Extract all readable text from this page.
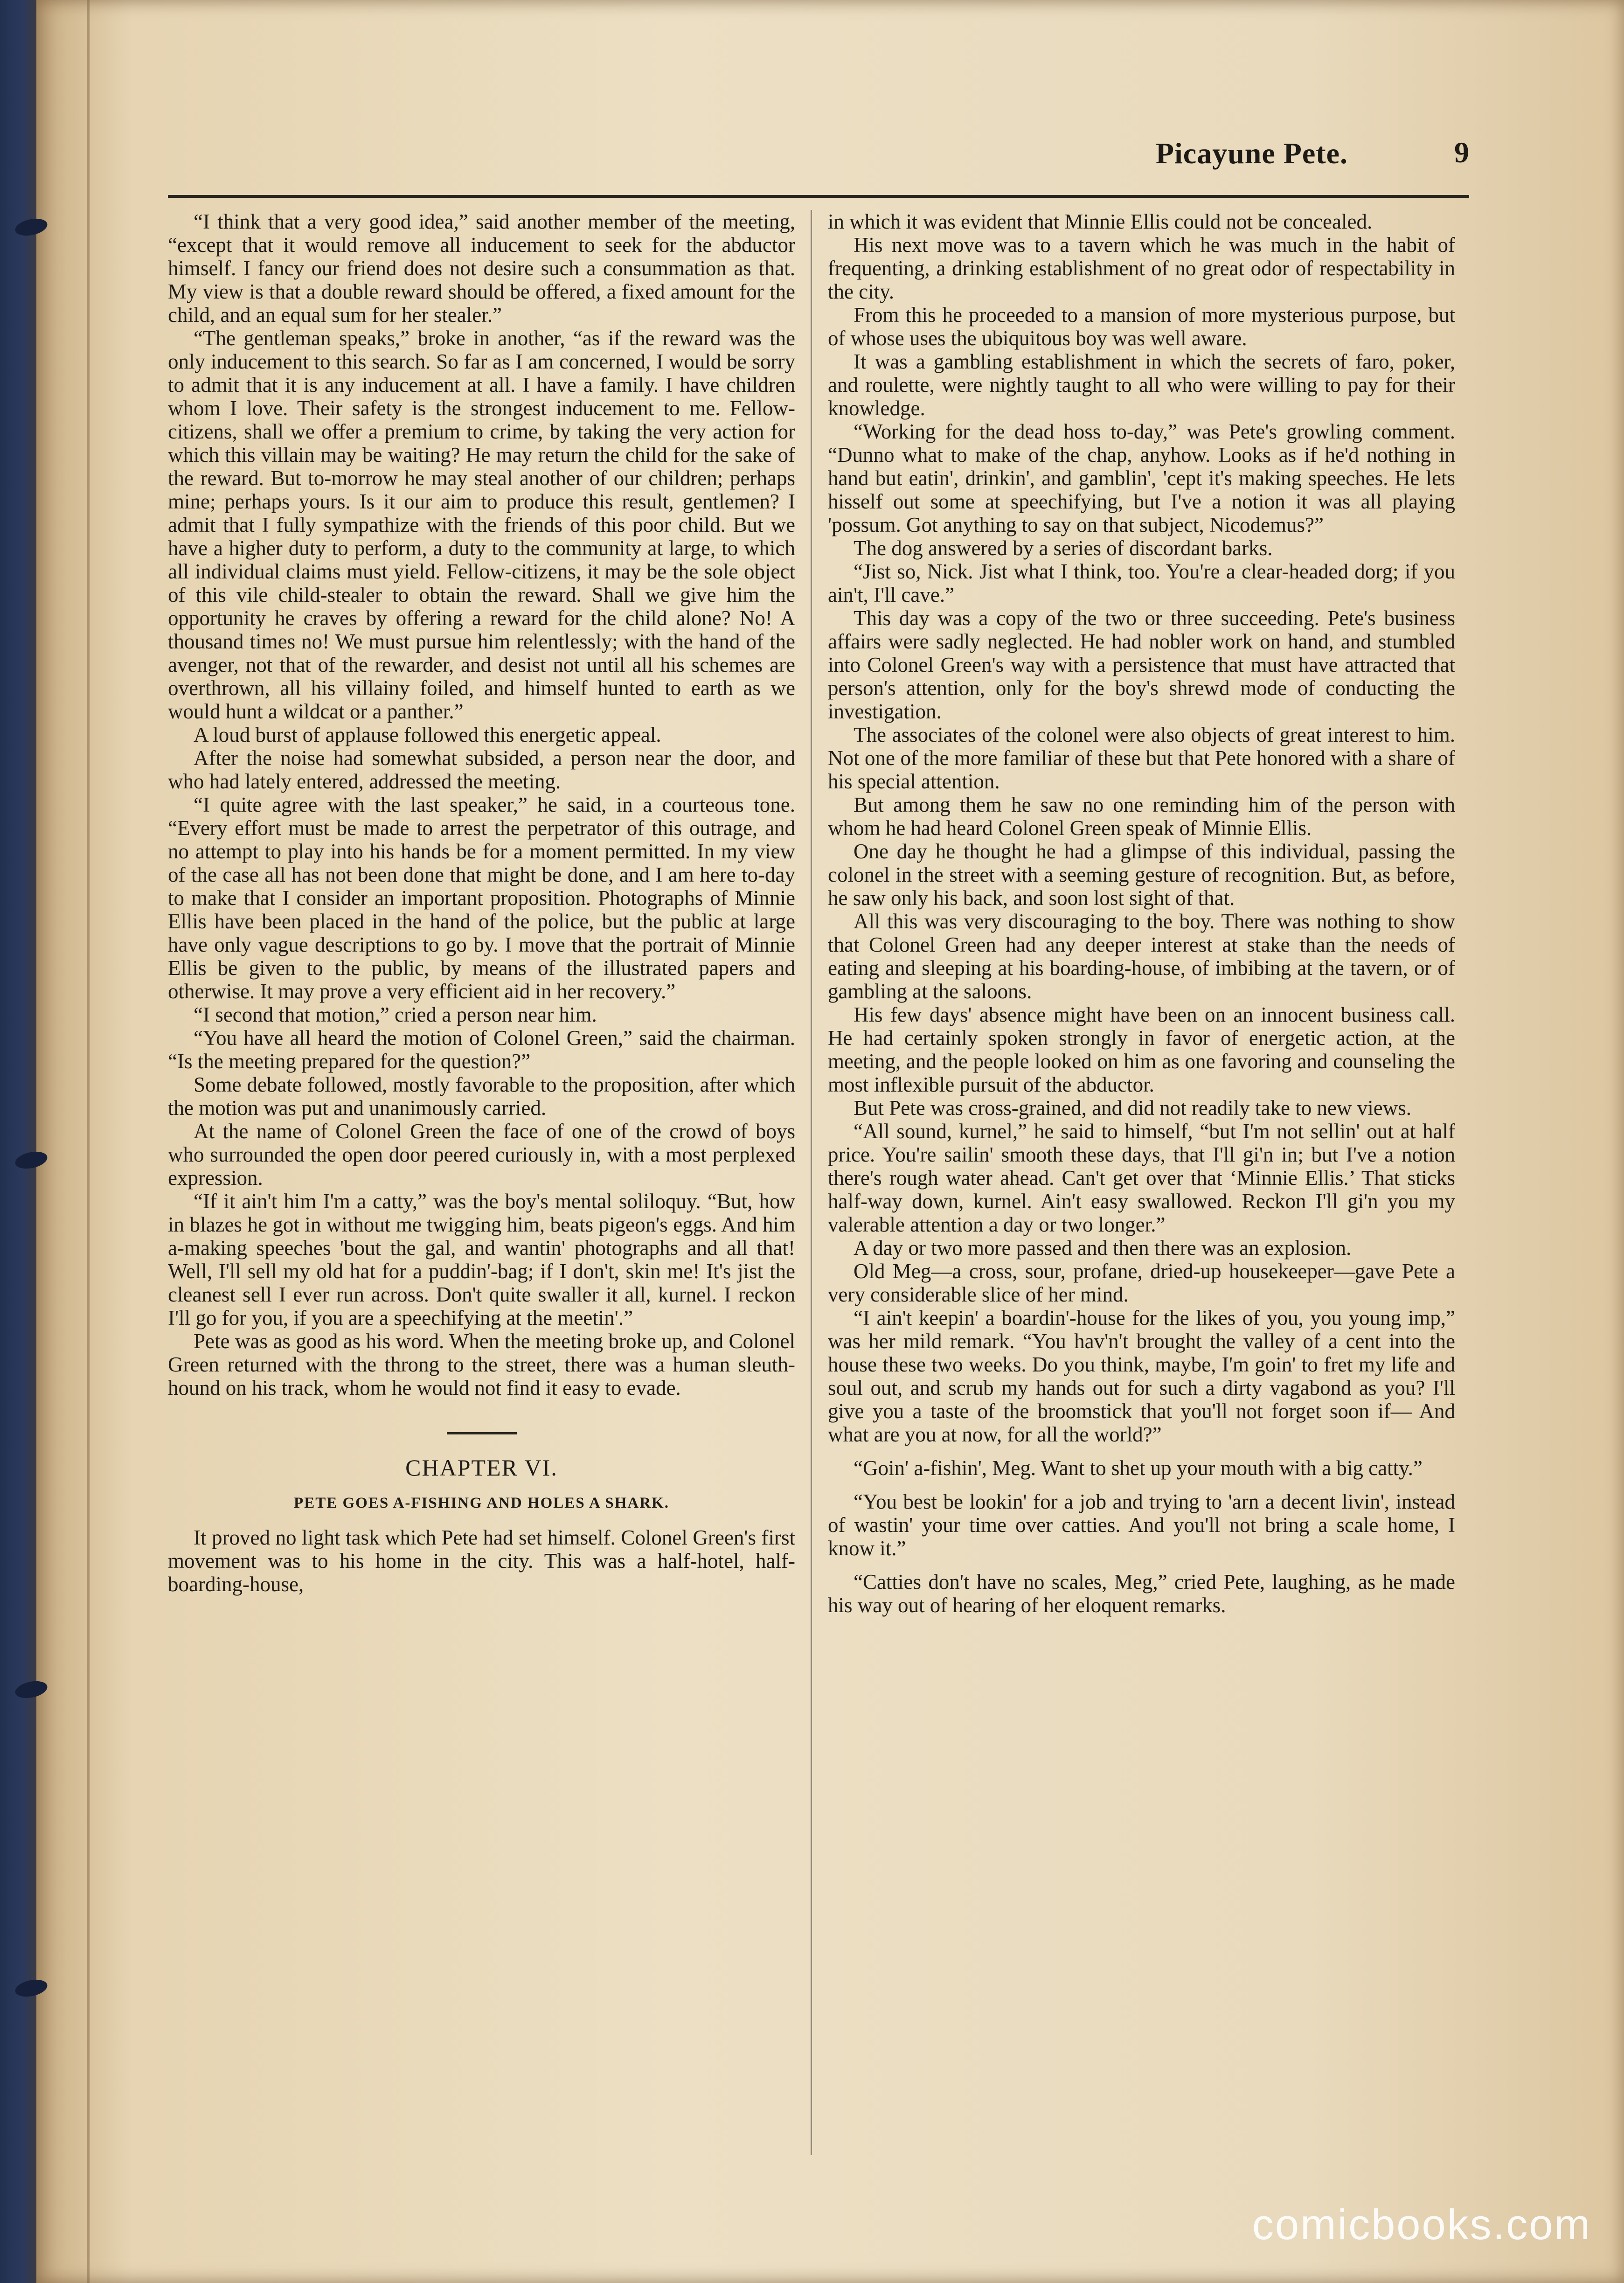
Picayune Pete.	9

“I think that a very good idea,” said another member of the meeting, “except that it would remove all inducement to seek for the abductor himself. I fancy our friend does not desire such a consummation as that. My view is that a double reward should be offered, a fixed amount for the child, and an equal sum for her stealer.”

“The gentleman speaks,” broke in another, “as if the reward was the only inducement to this search. So far as I am concerned, I would be sorry to admit that it is any inducement at all. I have a family. I have children whom I love. Their safety is the strongest inducement to me. Fellow-citizens, shall we offer a premium to crime, by taking the very action for which this villain may be waiting? He may return the child for the sake of the reward. But to-morrow he may steal another of our children; perhaps mine; perhaps yours. Is it our aim to produce this result, gentlemen? I admit that I fully sympathize with the friends of this poor child. But we have a higher duty to perform, a duty to the community at large, to which all individual claims must yield. Fellow-citizens, it may be the sole object of this vile child-stealer to obtain the reward. Shall we give him the opportunity he craves by offering a reward for the child alone? No! A thousand times no! We must pursue him relentlessly; with the hand of the avenger, not that of the rewarder, and desist not until all his schemes are overthrown, all his villainy foiled, and himself hunted to earth as we would hunt a wildcat or a panther.”

A loud burst of applause followed this energetic appeal.

After the noise had somewhat subsided, a person near the door, and who had lately entered, addressed the meeting.

“I quite agree with the last speaker,” he said, in a courteous tone. “Every effort must be made to arrest the perpetrator of this outrage, and no attempt to play into his hands be for a moment permitted. In my view of the case all has not been done that might be done, and I am here to-day to make that I consider an important proposition. Photographs of Minnie Ellis have been placed in the hand of the police, but the public at large have only vague descriptions to go by. I move that the portrait of Minnie Ellis be given to the public, by means of the illustrated papers and otherwise. It may prove a very efficient aid in her recovery.”

“I second that motion,” cried a person near him.

“You have all heard the motion of Colonel Green,” said the chairman. “Is the meeting prepared for the question?”

Some debate followed, mostly favorable to the proposition, after which the motion was put and unanimously carried.

At the name of Colonel Green the face of one of the crowd of boys who surrounded the open door peered curiously in, with a most perplexed expression.

“If it ain't him I'm a catty,” was the boy's mental soliloquy. “But, how in blazes he got in without me twigging him, beats pigeon's eggs. And him a-making speeches 'bout the gal, and wantin' photographs and all that! Well, I'll sell my old hat for a puddin'-bag; if I don't, skin me! It's jist the cleanest sell I ever run across. Don't quite swaller it all, kurnel. I reckon I'll go for you, if you are a speechifying at the meetin'.”

Pete was as good as his word. When the meeting broke up, and Colonel Green returned with the throng to the street, there was a human sleuth-hound on his track, whom he would not find it easy to evade.

CHAPTER VI.
PETE GOES A-FISHING AND HOLES A SHARK.

It proved no light task which Pete had set himself. Colonel Green's first movement was to his home in the city. This was a half-hotel, half-boarding-house,

in which it was evident that Minnie Ellis could not be concealed.

His next move was to a tavern which he was much in the habit of frequenting, a drinking establishment of no great odor of respectability in the city.

From this he proceeded to a mansion of more mysterious purpose, but of whose uses the ubiquitous boy was well aware.

It was a gambling establishment in which the secrets of faro, poker, and roulette, were nightly taught to all who were willing to pay for their knowledge.

“Working for the dead hoss to-day,” was Pete's growling comment. “Dunno what to make of the chap, anyhow. Looks as if he'd nothing in hand but eatin', drinkin', and gamblin', 'cept it's making speeches. He lets hisself out some at speechifying, but I've a notion it was all playing 'possum. Got anything to say on that subject, Nicodemus?”

The dog answered by a series of discordant barks.

“Jist so, Nick. Jist what I think, too. You're a clear-headed dorg; if you ain't, I'll cave.”

This day was a copy of the two or three succeeding. Pete's business affairs were sadly neglected. He had nobler work on hand, and stumbled into Colonel Green's way with a persistence that must have attracted that person's attention, only for the boy's shrewd mode of conducting the investigation.

The associates of the colonel were also objects of great interest to him. Not one of the more familiar of these but that Pete honored with a share of his special attention.

But among them he saw no one reminding him of the person with whom he had heard Colonel Green speak of Minnie Ellis.

One day he thought he had a glimpse of this individual, passing the colonel in the street with a seeming gesture of recognition. But, as before, he saw only his back, and soon lost sight of that.

All this was very discouraging to the boy. There was nothing to show that Colonel Green had any deeper interest at stake than the needs of eating and sleeping at his boarding-house, of imbibing at the tavern, or of gambling at the saloons.

His few days' absence might have been on an innocent business call. He had certainly spoken strongly in favor of energetic action, at the meeting, and the people looked on him as one favoring and counseling the most inflexible pursuit of the abductor.

But Pete was cross-grained, and did not readily take to new views.

“All sound, kurnel,” he said to himself, “but I'm not sellin' out at half price. You're sailin' smooth these days, that I'll gi'n in; but I've a notion there's rough water ahead. Can't get over that ‘Minnie Ellis.’ That sticks half-way down, kurnel. Ain't easy swallowed. Reckon I'll gi'n you my valerable attention a day or two longer.”

A day or two more passed and then there was an explosion.

Old Meg—a cross, sour, profane, dried-up housekeeper—gave Pete a very considerable slice of her mind.

“I ain't keepin' a boardin'-house for the likes of you, you young imp,” was her mild remark. “You hav'n't brought the valley of a cent into the house these two weeks. Do you think, maybe, I'm goin' to fret my life and soul out, and scrub my hands out for such a dirty vagabond as you? I'll give you a taste of the broomstick that you'll not forget soon if— And what are you at now, for all the world?”

“Goin' a-fishin', Meg. Want to shet up your mouth with a big catty.”

“You best be lookin' for a job and trying to 'arn a decent livin', instead of wastin' your time over catties. And you'll not bring a scale home, I know it.”

“Catties don't have no scales, Meg,” cried Pete, laughing, as he made his way out of hearing of her eloquent remarks.

comicbooks.com
